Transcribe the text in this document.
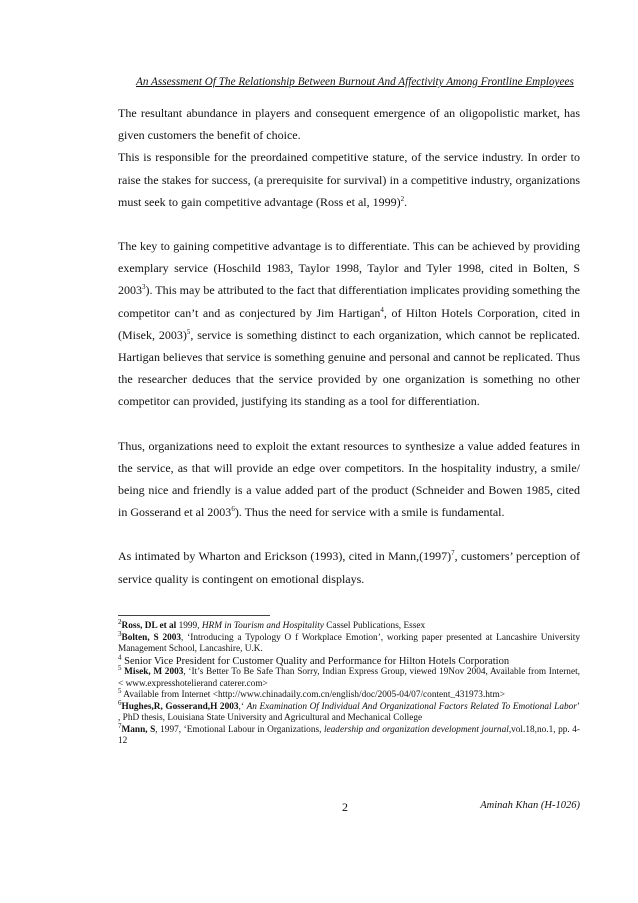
An Assessment Of The Relationship Between Burnout And Affectivity Among Frontline Employees

The resultant abundance in players and consequent emergence of an oligopolistic market, has given customers the benefit of choice.

This is responsible for the preordained competitive stature, of the service industry. In order to raise the stakes for success, (a prerequisite for survival) in a competitive industry, organizations must seek to gain competitive advantage (Ross et al, 1999)$^2$.

The key to gaining competitive advantage is to differentiate. This can be achieved by providing exemplary service (Hoschild 1983, Taylor 1998, Taylor and Tyler 1998, cited in Bolten, S 2003$^3$). This may be attributed to the fact that differentiation implicates providing something the competitor can’t and as conjectured by Jim Hartigan$^4$, of Hilton Hotels Corporation, cited in (Misek, 2003)$^5$, service is something distinct to each organization, which cannot be replicated. Hartigan believes that service is something genuine and personal and cannot be replicated. Thus the researcher deduces that the service provided by one organization is something no other competitor can provided, justifying its standing as a tool for differentiation.

Thus, organizations need to exploit the extant resources to synthesize a value added features in the service, as that will provide an edge over competitors. In the hospitality industry, a smile/ being nice and friendly is a value added part of the product (Schneider and Bowen 1985, cited in Gosserand et al 2003$^6$). Thus the need for service with a smile is fundamental.

As intimated by Wharton and Erickson (1993), cited in $Mann,(1997)^7$, customers’ perception of service quality is contingent on emotional displays.

$^2$Ross, DL et al 1999, HRM in Tourism and Hospitality Cassel Publications, Essex
$^3$Bolten, S 2003, ‘Introducing a Typology O f Workplace Emotion’, working paper presented at Lancashire University Management School, Lancashire, U.K.
$^4$ Senior Vice President for Customer Quality and Performance for Hilton Hotels Corporation
$^5$ Misek, M 2003, ‘It’s Better To Be Safe Than Sorry, Indian Express Group, viewed 19Nov 2004, Available from Internet, < www.expresshotelierand caterer.com>
$^5$ Available from Internet <http://www.chinadaily.com.cn/english/doc/2005-04/07/content_431973.htm>
$^6$Hughes,R, Gosserand,H 2003,‘ An Examination Of Individual And Organizational Factors Related To Emotional Labor’ , PhD thesis, Louisiana State University and Agricultural and Mechanical College
$^7$Mann, S, 1997, ‘Emotional Labour in Organizations, leadership and organization development journal,vol.18,no.1, pp. 4-12
2	Aminah Khan (H-1026)
